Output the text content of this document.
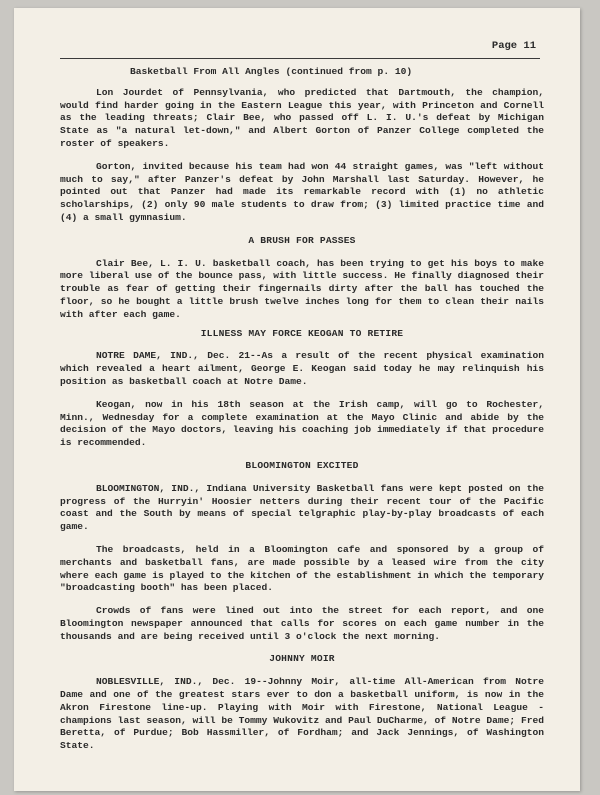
Page 11

Basketball From All Angles (continued from p. 10)

Lon Jourdet of Pennsylvania, who predicted that Dartmouth, the champion, would find harder going in the Eastern League this year, with Princeton and Cornell as the leading threats; Clair Bee, who passed off L. I. U.'s defeat by Michigan State as "a natural let-down," and Albert Gorton of Panzer College completed the roster of speakers.

Gorton, invited because his team had won 44 straight games, was "left without much to say," after Panzer's defeat by John Marshall last Saturday. However, he pointed out that Panzer had made its remarkable record with (1) no athletic scholarships, (2) only 90 male students to draw from; (3) limited practice time and (4) a small gymnasium.

A BRUSH FOR PASSES

Clair Bee, L. I. U. basketball coach, has been trying to get his boys to make more liberal use of the bounce pass, with little success. He finally diagnosed their trouble as fear of getting their fingernails dirty after the ball has touched the floor, so he bought a little brush twelve inches long for them to clean their nails with after each game.

ILLNESS MAY FORCE KEOGAN TO RETIRE

NOTRE DAME, IND., Dec. 21--As a result of the recent physical examination which revealed a heart ailment, George E. Keogan said today he may relinquish his position as basketball coach at Notre Dame.

Keogan, now in his 18th season at the Irish camp, will go to Rochester, Minn., Wednesday for a complete examination at the Mayo Clinic and abide by the decision of the Mayo doctors, leaving his coaching job immediately if that procedure is recommended.

BLOOMINGTON EXCITED

BLOOMINGTON, IND., Indiana University Basketball fans were kept posted on the progress of the Hurryin' Hoosier netters during their recent tour of the Pacific coast and the South by means of special telgraphic play-by-play broadcasts of each game.

The broadcasts, held in a Bloomington cafe and sponsored by a group of merchants and basketball fans, are made possible by a leased wire from the city where each game is played to the kitchen of the establishment in which the temporary "broadcasting booth" has been placed.

Crowds of fans were lined out into the street for each report, and one Bloomington newspaper announced that calls for scores on each game number in the thousands and are being received until 3 o'clock the next morning.

JOHNNY MOIR

NOBLESVILLE, IND., Dec. 19--Johnny Moir, all-time All-American from Notre Dame and one of the greatest stars ever to don a basketball uniform, is now in the Akron Firestone line-up. Playing with Moir with Firestone, National League - champions last season, will be Tommy Wukovitz and Paul DuCharme, of Notre Dame; Fred Beretta, of Purdue; Bob Hassmiller, of Fordham; and Jack Jennings, of Washington State.
